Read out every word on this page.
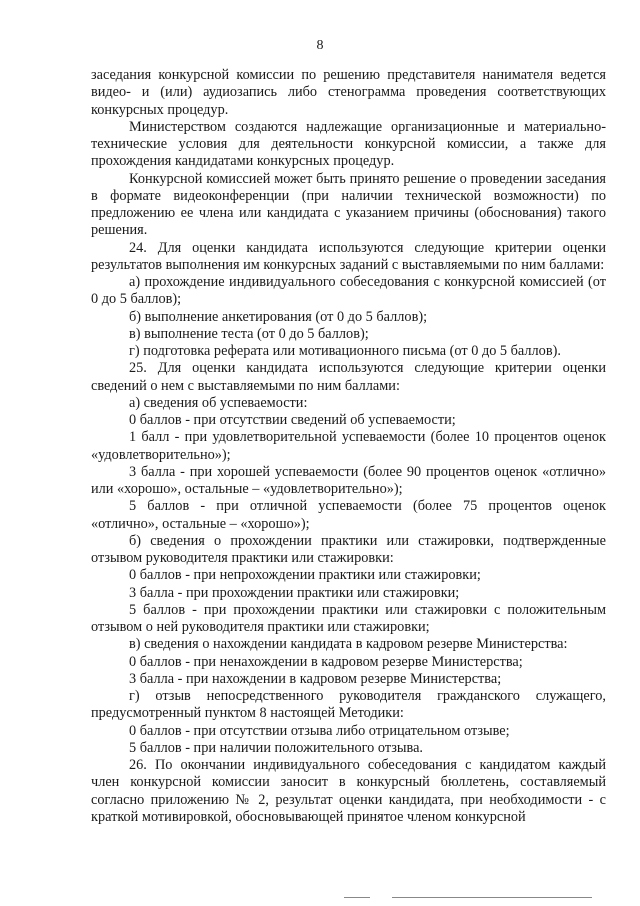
8

заседания конкурсной комиссии по решению представителя нанимателя ведется видео- и (или) аудиозапись либо стенограмма проведения соответствующих конкурсных процедур.

Министерством создаются надлежащие организационные и материально-технические условия для деятельности конкурсной комиссии, а также для прохождения кандидатами конкурсных процедур.

Конкурсной комиссией может быть принято решение о проведении заседания в формате видеоконференции (при наличии технической возможности) по предложению ее члена или кандидата с указанием причины (обоснования) такого решения.

24. Для оценки кандидата используются следующие критерии оценки результатов выполнения им конкурсных заданий с выставляемыми по ним баллами:

а) прохождение индивидуального собеседования с конкурсной комиссией (от 0 до 5 баллов);

б) выполнение анкетирования (от 0 до 5 баллов);

в) выполнение теста (от 0 до 5 баллов);

г) подготовка реферата или мотивационного письма (от 0 до 5 баллов).

25. Для оценки кандидата используются следующие критерии оценки сведений о нем с выставляемыми по ним баллами:

а) сведения об успеваемости:

0 баллов - при отсутствии сведений об успеваемости;

1 балл - при удовлетворительной успеваемости (более 10 процентов оценок «удовлетворительно»);

3 балла - при хорошей успеваемости (более 90 процентов оценок «отлично» или «хорошо», остальные – «удовлетворительно»);

5 баллов - при отличной успеваемости (более 75 процентов оценок «отлично», остальные – «хорошо»);

б) сведения о прохождении практики или стажировки, подтвержденные отзывом руководителя практики или стажировки:

0 баллов - при непрохождении практики или стажировки;

3 балла - при прохождении практики или стажировки;

5 баллов - при прохождении практики или стажировки с положительным отзывом о ней руководителя практики или стажировки;

в) сведения о нахождении кандидата в кадровом резерве Министерства:

0 баллов - при ненахождении в кадровом резерве Министерства;

3 балла - при нахождении в кадровом резерве Министерства;

г) отзыв непосредственного руководителя гражданского служащего, предусмотренный пунктом 8 настоящей Методики:

0 баллов - при отсутствии отзыва либо отрицательном отзыве;

5 баллов - при наличии положительного отзыва.

26. По окончании индивидуального собеседования с кандидатом каждый член конкурсной комиссии заносит в конкурсный бюллетень, составляемый согласно приложению № 2, результат оценки кандидата, при необходимости - с краткой мотивировкой, обосновывающей принятое членом конкурсной
